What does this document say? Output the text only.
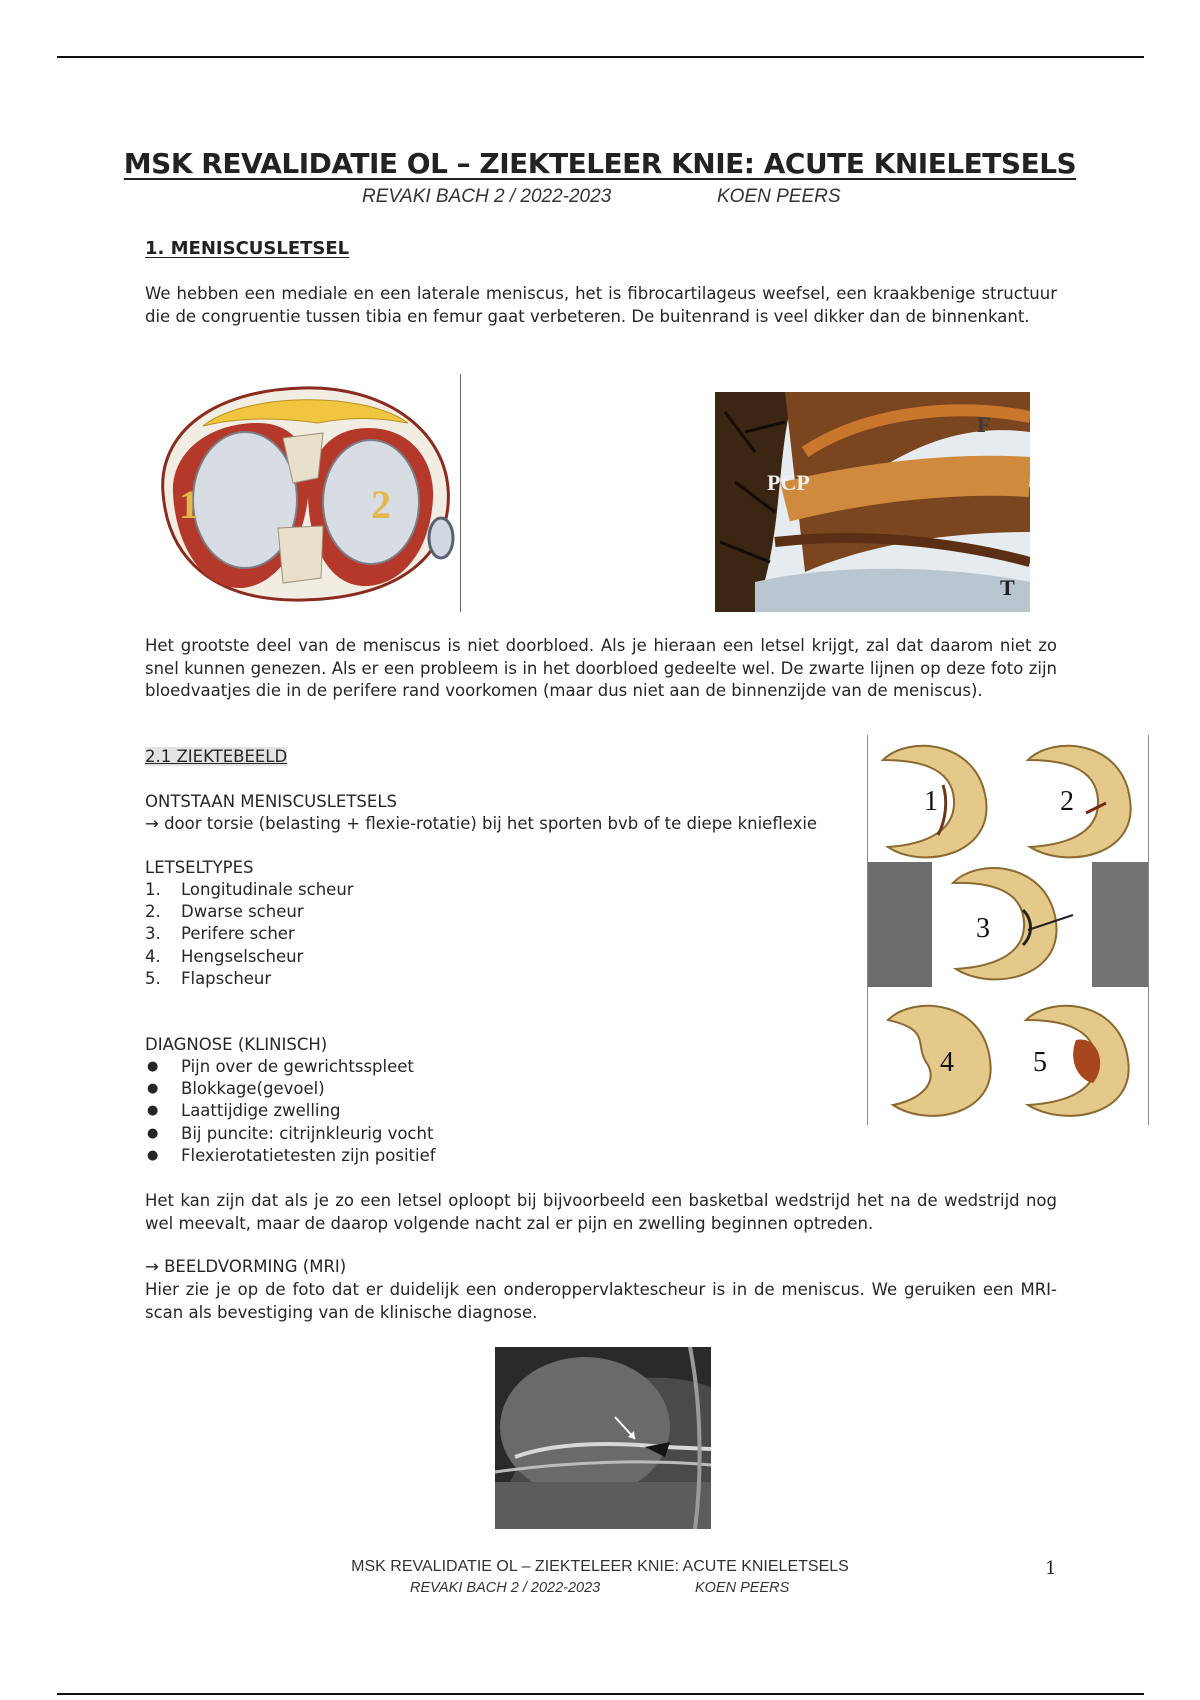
MSK REVALIDATIE OL – ZIEKTELEER KNIE: ACUTE KNIELETSELS
REVAKI BACH 2 / 2022-2023	KOEN PEERS
1. MENISCUSLETSEL
We hebben een mediale en een laterale meniscus, het is fibrocartilageus weefsel, een kraakbenige structuur die de congruentie tussen tibia en femur gaat verbeteren. De buitenrand is veel dikker dan de binnenkant.
1	2
F
PCP
T
Het grootste deel van de meniscus is niet doorbloed. Als je hieraan een letsel krijgt, zal dat daarom niet zo snel kunnen genezen. Als er een probleem is in het doorbloed gedeelte wel. De zwarte lijnen op deze foto zijn bloedvaatjes die in de perifere rand voorkomen (maar dus niet aan de binnenzijde van de meniscus).
2.1 ZIEKTEBEELD
ONTSTAAN MENISCUSLETSELS
→ door torsie (belasting + flexie-rotatie) bij het sporten bvb of te diepe knieflexie
LETSELTYPES
1. Longitudinale scheur
2. Dwarse scheur
3. Perifere scher
4. Hengselscheur
5. Flapscheur
DIAGNOSE (KLINISCH)
● Pijn over de gewrichtsspleet
● Blokkage(gevoel)
● Laattijdige zwelling
● Bij puncite: citrijnkleurig vocht
● Flexierotatietesten zijn positief
1	2
3
4	5
Het kan zijn dat als je zo een letsel oploopt bij bijvoorbeeld een basketbal wedstrijd het na de wedstrijd nog wel meevalt, maar de daarop volgende nacht zal er pijn en zwelling beginnen optreden.
→ BEELDVORMING (MRI)
Hier zie je op de foto dat er duidelijk een onderoppervlaktescheur is in de meniscus. We geruiken een MRI-scan als bevestiging van de klinische diagnose.
MSK REVALIDATIE OL – ZIEKTELEER KNIE: ACUTE KNIELETSELS
REVAKI BACH 2 / 2022-2023	KOEN PEERS
1
